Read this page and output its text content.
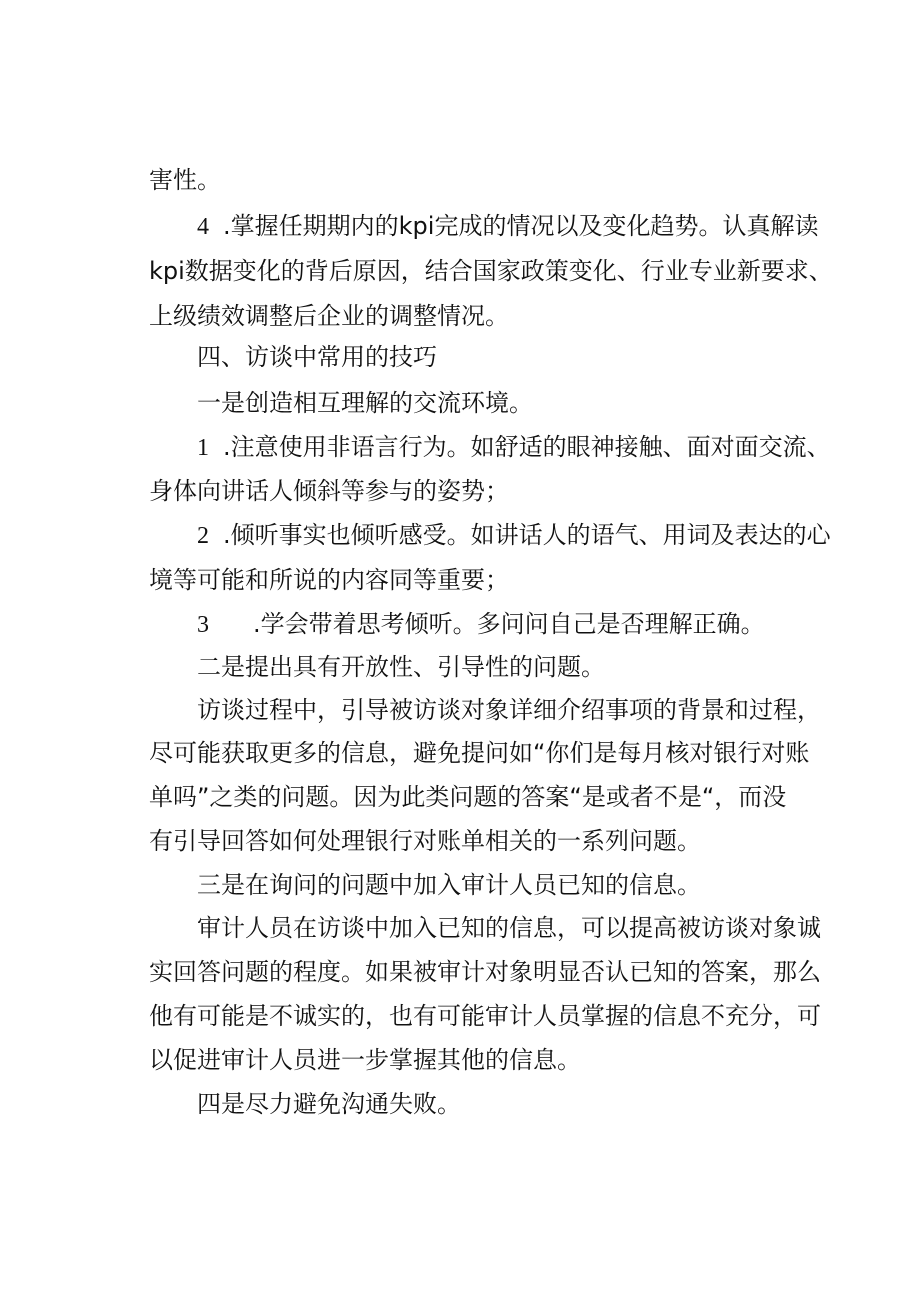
害性。
4 .掌握任期期内的kpi完成的情况以及变化趋势。认真解读
kpi数据变化的背后原因，结合国家政策变化、行业专业新要求、
上级绩效调整后企业的调整情况。
四、访谈中常用的技巧
一是创造相互理解的交流环境。
1 .注意使用非语言行为。如舒适的眼神接触、面对面交流、
身体向讲话人倾斜等参与的姿势；
2 .倾听事实也倾听感受。如讲话人的语气、用词及表达的心
境等可能和所说的内容同等重要；
3 .学会带着思考倾听。多问问自己是否理解正确。
二是提出具有开放性、引导性的问题。
访谈过程中，引导被访谈对象详细介绍事项的背景和过程，
尽可能获取更多的信息，避免提问如“你们是每月核对银行对账
单吗”之类的问题。因为此类问题的答案“是或者不是“，而没
有引导回答如何处理银行对账单相关的一系列问题。
三是在询问的问题中加入审计人员已知的信息。
审计人员在访谈中加入已知的信息，可以提高被访谈对象诚
实回答问题的程度。如果被审计对象明显否认已知的答案，那么
他有可能是不诚实的，也有可能审计人员掌握的信息不充分，可
以促进审计人员进一步掌握其他的信息。
四是尽力避免沟通失败。
